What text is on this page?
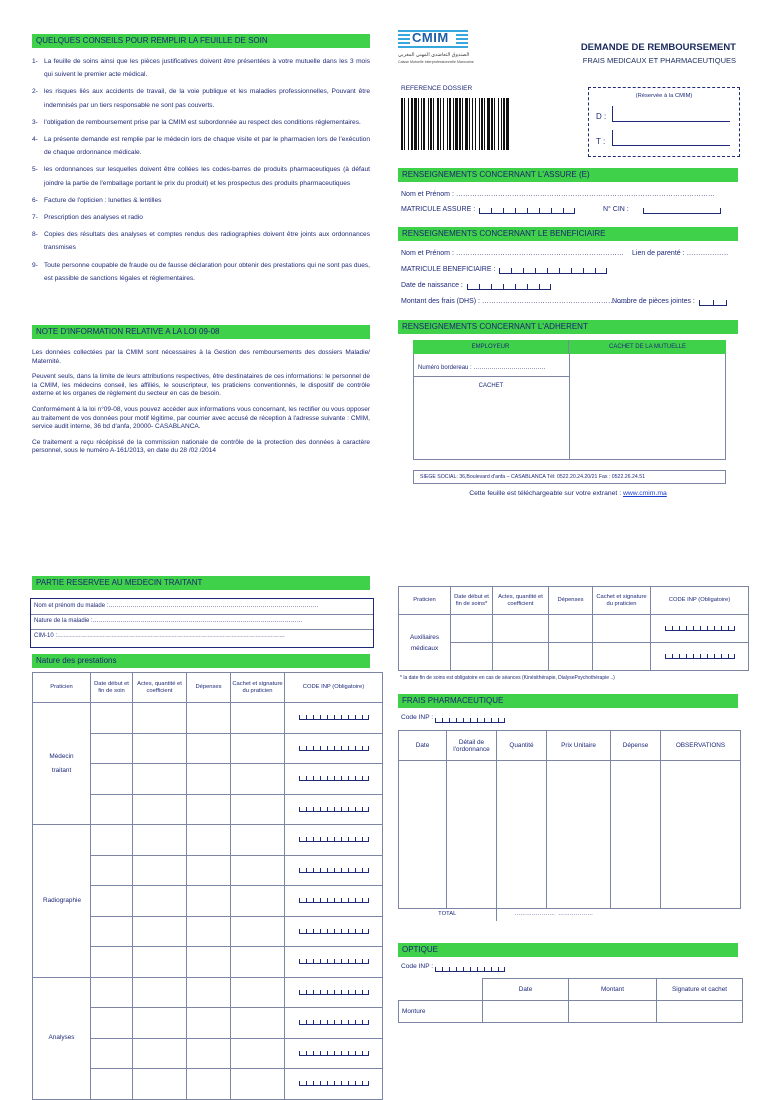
QUELQUES CONSEILS POUR REMPLIR LA FEUILLE DE SOIN
1- La feuille de soins ainsi que les pièces justificatives doivent être présentées à votre mutuelle dans les 3 mois qui suivent le premier acte médical.
2- les risques liés aux accidents de travail, de la voie publique et les maladies professionnelles, Pouvant être indemnisés par un tiers responsable ne sont pas couverts.
3- l'obligation de remboursement prise par la CMIM est subordonnée au respect des conditions réglementaires.
4- La présente demande est remplie par le médecin lors de chaque visite et par le pharmacien lors de l'exécution de chaque ordonnance médicale.
5- les ordonnances sur lesquelles doivent être collées les codes-barres de produits pharmaceutiques (à défaut joindre la partie de l'emballage portant le prix du produit) et les prospectus des produits pharmaceutiques
6- Facture de l'opticien : lunettes & lentilles
7- Prescription des analyses et radio
8- Copies des résultats des analyses et comptes rendus des radiographies doivent être joints aux ordonnances transmises
9- Toute personne coupable de fraude ou de fausse déclaration pour obtenir des prestations qui ne sont pas dues, est passible de sanctions légales et réglementaires.
NOTE D'INFORMATION RELATIVE A LA LOI 09-08

Les données collectées par la CMIM sont nécessaires à la Gestion des remboursements des dossiers Maladie/ Maternité.

Peuvent seuls, dans la limite de leurs attributions respectives, être destinataires de ces informations: le personnel de la CMIM, les médecins conseil, les affiliés, le souscripteur, les praticiens conventionnés, le dispositif de contrôle externe et les organes de règlement du secteur en cas de besoin.

Conformément à la loi n°09-08, vous pouvez accéder aux informations vous concernant, les rectifier ou vous opposer au traitement de vos données pour motif légitime, par courrier avec accusé de réception à l'adresse suivante : CMIM, service audit interne, 36 bd d'anfa, 20000- CASABLANCA.

Ce traitement a reçu récépissé de la commission nationale de contrôle de la protection des données à caractère personnel, sous le numéro A-161/2013, en date du 28 /02 /2014

CMIM
الصندوق التعاضدي المهني المغربي
Caisse Mutuelle Interprofessionnelle Marocaine
DEMANDE DE REMBOURSEMENT
FRAIS MEDICAUX ET PHARMACEUTIQUES
REFERENCE DOSSIER
(Réservée à la CMIM)
D :
T :
RENSEIGNEMENTS CONCERNANT L'ASSURE (E)
Nom et Prénom : …………………………………………………………………………………………………
MATRICULE ASSURE :	N° CIN :
RENSEIGNEMENTS CONCERNANT LE BENEFICIAIRE
Nom et Prénom : ……………………………………………………………… Lien de parenté : ………………
MATRICULE BENEFICIAIRE :
Date de naissance :
Montant des frais (DHS) : ………………………………………………………
Nombre de pièces jointes :
RENSEIGNEMENTS CONCERNANT L'ADHERENT
EMPLOYEUR	CACHET DE LA MUTUELLE
Numéro bordereau : ………………………………
CACHET
SIEGE SOCIAL: 36,Boulevard d'anfa – CASABLANCA Tél: 0522.20.24.20/21 Fax : 0522.26.24.51
Cette feuille est téléchargeable sur votre extranet : www.cmim.ma
PARTIE RESERVEE AU MEDECIN TRAITANT
Nom et prénom du malade :……………………………………………………………………………………………
Nature de la maladie :……………………………………………………………………………………………
CIM-10 :……………………………………………………………………………………………………
Nature des prestations
Praticien	Date début et fin de soin	Actes, quantité et coefficient	Dépenses	Cachet et signature du praticien	CODE INP (Obligatoire)
Médecin traitant					

Radiographie					

Analyses					

Praticien	Date début et fin de soins*	Actes, quantité et coefficient	Dépenses	Cachet et signature du praticien	CODE INP (Obligatoire)
Auxiliaires médicaux					

* la date fin de soins est obligatoire en cas de séances (Kinésithérapie, DialysePsychothérapie ..)
FRAIS PHARMACEUTIQUE
Code INP :

Date	Détail de l'ordonnance	Quantité	Prix Unitaire	Dépense	OBSERVATIONS

TOTAL		…………………  ………………			
OPTIQUE
Code INP :

	Date	Montant	Signature et cachet
Monture			
